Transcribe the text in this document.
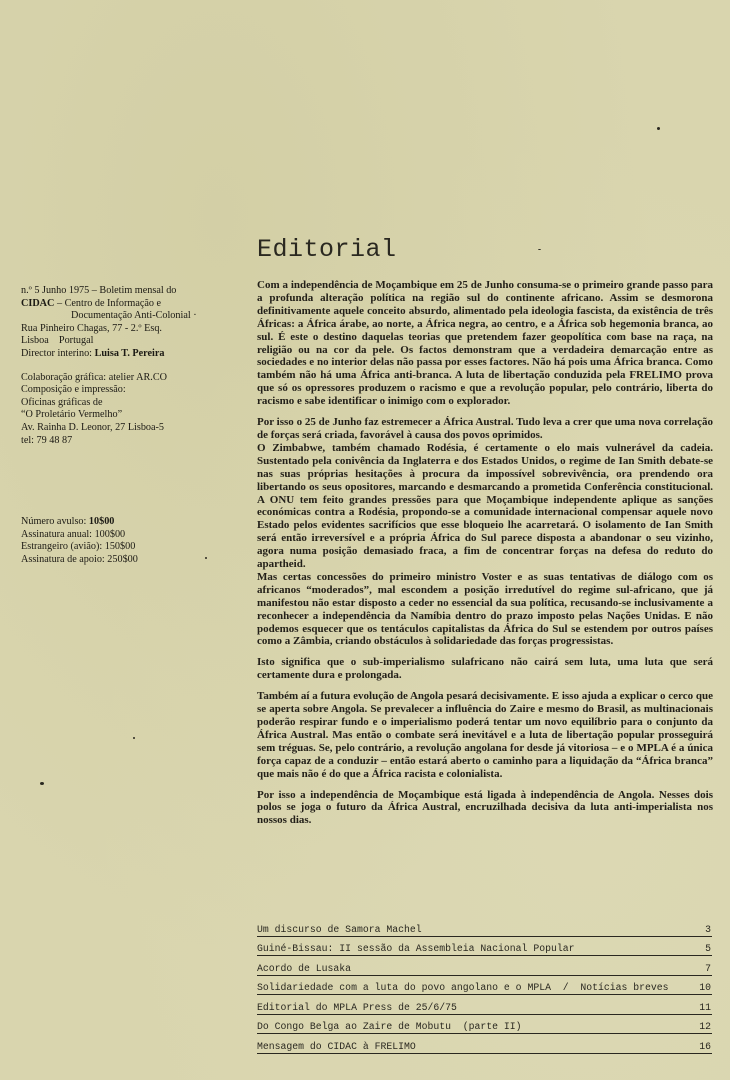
n.º 5 Junho 1975 – Boletim mensal do
CIDAC – Centro de Informação e
Documentação Anti-Colonial ·
Rua Pinheiro Chagas, 77 - 2.º Esq.
Lisboa    Portugal
Director interino: Luisa T. Pereira
Colaboração gráfica: atelier AR.CO
Composição e impressão:
Oficinas gráficas de
“O Proletário Vermelho”
Av. Rainha D. Leonor, 27 Lisboa-5
tel: 79 48 87
Número avulso: 10$00
Assinatura anual: 100$00
Estrangeiro (avião): 150$00
Assinatura de apoio: 250$00
Editorial

Com a independência de Moçambique em 25 de Junho consuma-se o primeiro grande passo para a profunda alteração política na região sul do continente africano. Assim se desmorona definitivamente aquele conceito absurdo, alimentado pela ideologia fascista, da existência de três Áfricas: a África árabe, ao norte, a África negra, ao centro, e a África sob hegemonia branca, ao sul. É este o destino daquelas teorias que pretendem fazer geopolítica com base na raça, na religião ou na cor da pele. Os factos demonstram que a verdadeira demarcação entre as sociedades e no interior delas não passa por esses factores. Não há pois uma África branca. Como também não há uma África anti-branca. A luta de libertação conduzida pela FRELIMO prova que só os opressores produzem o racismo e que a revolução popular, pelo contrário, liberta do racismo e sabe identificar o inimigo com o explorador.

Por isso o 25 de Junho faz estremecer a África Austral. Tudo leva a crer que uma nova correlação de forças será criada, favorável à causa dos povos oprimidos.

O Zimbabwe, também chamado Rodésia, é certamente o elo mais vulnerável da cadeia. Sustentado pela conivência da Inglaterra e dos Estados Unidos, o regime de Ian Smith debate-se nas suas próprias hesitações à procura da impossível sobrevivência, ora prendendo ora libertando os seus opositores, marcando e desmarcando a prometida Conferência constitucional. A ONU tem feito grandes pressões para que Moçambique independente aplique as sanções económicas contra a Rodésia, propondo-se a comunidade internacional compensar aquele novo Estado pelos evidentes sacrifícios que esse bloqueio lhe acarretará. O isolamento de Ian Smith será então irreversível e a própria África do Sul parece disposta a abandonar o seu vizinho, agora numa posição demasiado fraca, a fim de concentrar forças na defesa do reduto do apartheid.

Mas certas concessões do primeiro ministro Voster e as suas tentativas de diálogo com os africanos “moderados”, mal escondem a posição irredutível do regime sul-africano, que já manifestou não estar disposto a ceder no essencial da sua política, recusando-se inclusivamente a reconhecer a independência da Namíbia dentro do prazo imposto pelas Nações Unidas. E não podemos esquecer que os tentáculos capitalistas da África do Sul se estendem por outros países como a Zâmbia, criando obstáculos à solidariedade das forças progressistas.

Isto significa que o sub-imperialismo sulafricano não cairá sem luta, uma luta que será certamente dura e prolongada.

Também aí a futura evolução de Angola pesará decisivamente. E isso ajuda a explicar o cerco que se aperta sobre Angola. Se prevalecer a influência do Zaire e mesmo do Brasil, as multinacionais poderão respirar fundo e o imperialismo poderá tentar um novo equilíbrio para o conjunto da África Austral. Mas então o combate será inevitável e a luta de libertação popular prosseguirá sem tréguas. Se, pelo contrário, a revolução angolana for desde já vitoriosa – e o MPLA é a única força capaz de a conduzir – então estará aberto o caminho para a liquidação da “África branca” que mais não é do que a África racista e colonialista.

Por isso a independência de Moçambique está ligada à independência de Angola. Nesses dois polos se joga o futuro da África Austral, encruzilhada decisiva da luta anti-imperialista nos nossos dias.

Um discurso de Samora Machel	3
Guiné-Bissau: II sessão da Assembleia Nacional Popular	5
Acordo de Lusaka	7
Solidariedade com a luta do povo angolano e o MPLA  /  Notícias breves	10
Editorial do MPLA Press de 25/6/75	11
Do Congo Belga ao Zaire de Mobutu  (parte II)	12
Mensagem do CIDAC à FRELIMO	16
